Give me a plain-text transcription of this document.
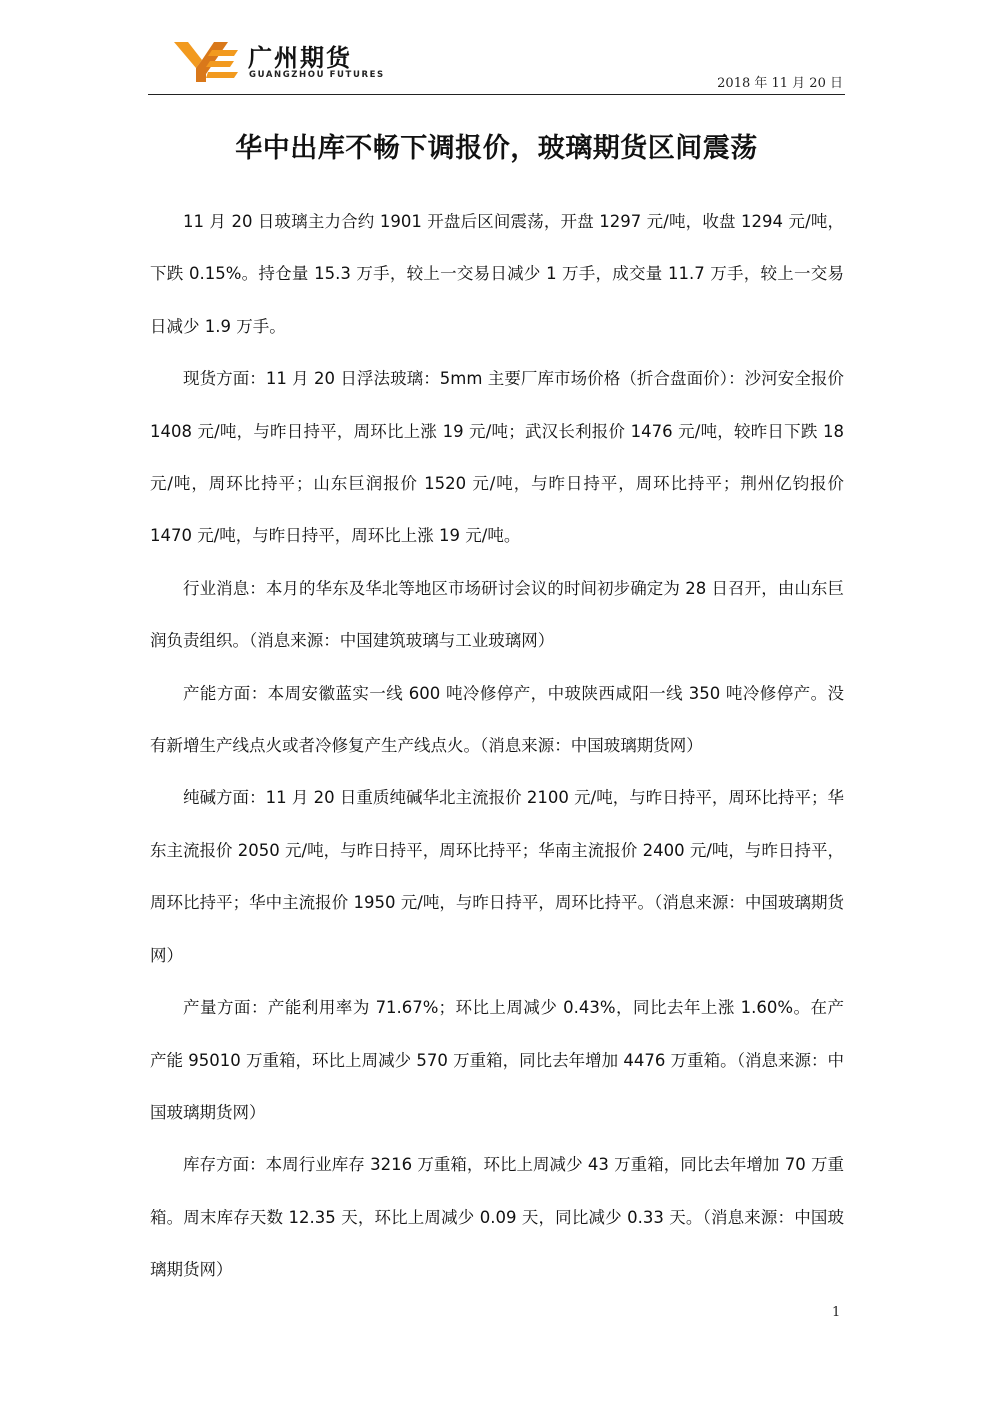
广州期货
GUANGZHOU FUTURES
2018 年 11 月 20 日
华中出库不畅下调报价，玻璃期货区间震荡

11 月 20 日玻璃主力合约 1901 开盘后区间震荡，开盘 1297 元/吨，收盘 1294 元/吨，下跌 0.15%。持仓量 15.3 万手，较上一交易日减少 1 万手，成交量 11.7 万手，较上一交易日减少 1.9 万手。

现货方面：11 月 20 日浮法玻璃：5mm 主要厂库市场价格（折合盘面价）：沙河安全报价 1408 元/吨，与昨日持平，周环比上涨 19 元/吨；武汉长利报价 1476 元/吨，较昨日下跌 18 元/吨，周环比持平；山东巨润报价 1520 元/吨，与昨日持平，周环比持平；荆州亿钧报价 1470 元/吨，与昨日持平，周环比上涨 19 元/吨。

行业消息：本月的华东及华北等地区市场研讨会议的时间初步确定为 28 日召开，由山东巨润负责组织。（消息来源：中国建筑玻璃与工业玻璃网）

产能方面：本周安徽蓝实一线 600 吨冷修停产，中玻陕西咸阳一线 350 吨冷修停产。没有新增生产线点火或者冷修复产生产线点火。（消息来源：中国玻璃期货网）

纯碱方面：11 月 20 日重质纯碱华北主流报价 2100 元/吨，与昨日持平，周环比持平；华东主流报价 2050 元/吨，与昨日持平，周环比持平；华南主流报价 2400 元/吨，与昨日持平，周环比持平；华中主流报价 1950 元/吨，与昨日持平，周环比持平。（消息来源：中国玻璃期货网）

产量方面：产能利用率为 71.67%；环比上周减少 0.43%，同比去年上涨 1.60%。在产产能 95010 万重箱，环比上周减少 570 万重箱，同比去年增加 4476 万重箱。（消息来源：中国玻璃期货网）

库存方面：本周行业库存 3216 万重箱，环比上周减少 43 万重箱，同比去年增加 70 万重箱。周末库存天数 12.35 天，环比上周减少 0.09 天，同比减少 0.33 天。（消息来源：中国玻璃期货网）

1
